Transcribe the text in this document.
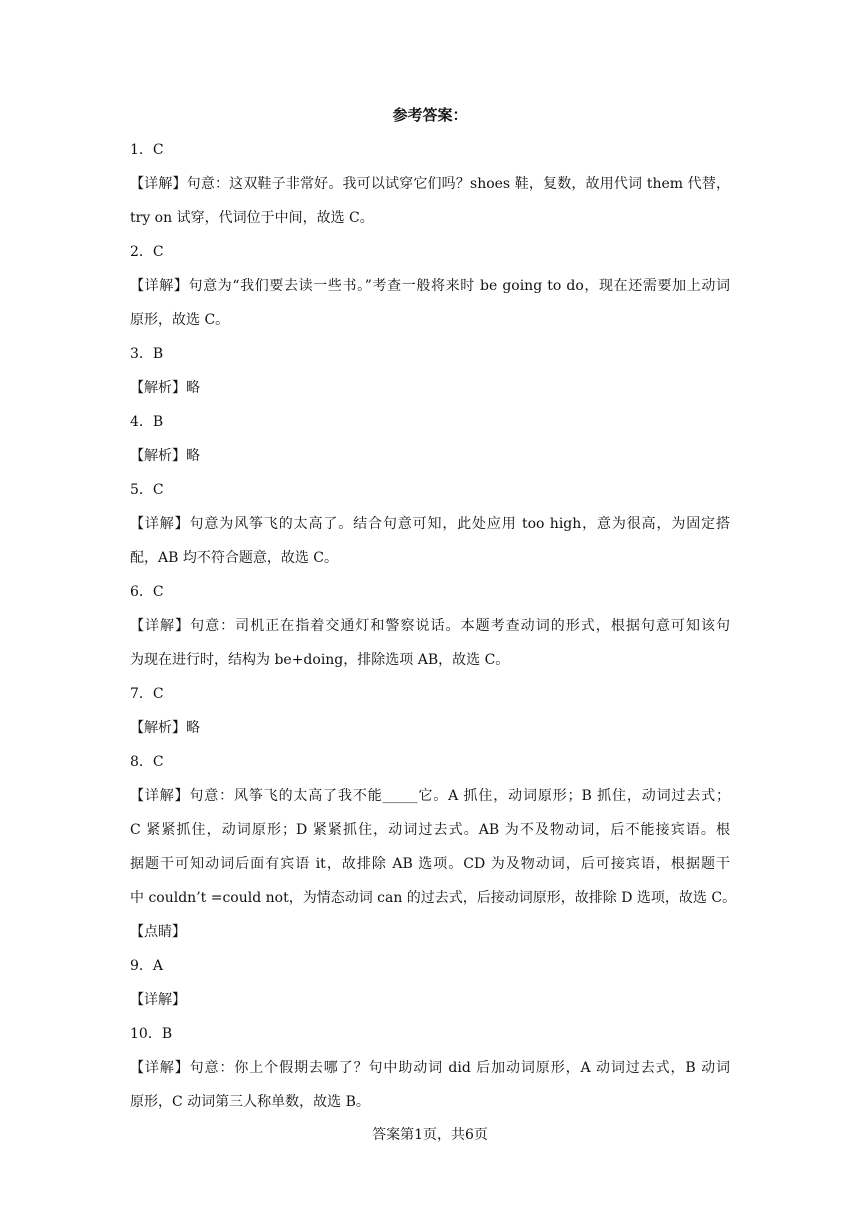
参考答案：
1．C
【详解】句意：这双鞋子非常好。我可以试穿它们吗？shoes 鞋，复数，故用代词 them 代替，
try on 试穿，代词位于中间，故选 C。
2．C
【详解】句意为“我们要去读一些书。”考查一般将来时 be going to do，现在还需要加上动词
原形，故选 C。
3．B
【解析】略
4．B
【解析】略
5．C
【详解】句意为风筝飞的太高了。结合句意可知，此处应用 too high，意为很高，为固定搭
配，AB 均不符合题意，故选 C。
6．C
【详解】句意：司机正在指着交通灯和警察说话。本题考查动词的形式，根据句意可知该句
为现在进行时，结构为 be+doing，排除选项 AB，故选 C。
7．C
【解析】略
8．C
【详解】句意：风筝飞的太高了我不能_____它。A 抓住，动词原形；B 抓住，动词过去式；
C 紧紧抓住，动词原形；D 紧紧抓住，动词过去式。AB 为不及物动词，后不能接宾语。根
据题干可知动词后面有宾语 it，故排除 AB 选项。CD 为及物动词，后可接宾语，根据题干
中 couldn’t =could not，为情态动词 can 的过去式，后接动词原形，故排除 D 选项，故选 C。
【点睛】
9．A
【详解】
10．B
【详解】句意：你上个假期去哪了？句中助动词 did 后加动词原形，A 动词过去式，B 动词
原形，C 动词第三人称单数，故选 B。
答案第1页，共6页
